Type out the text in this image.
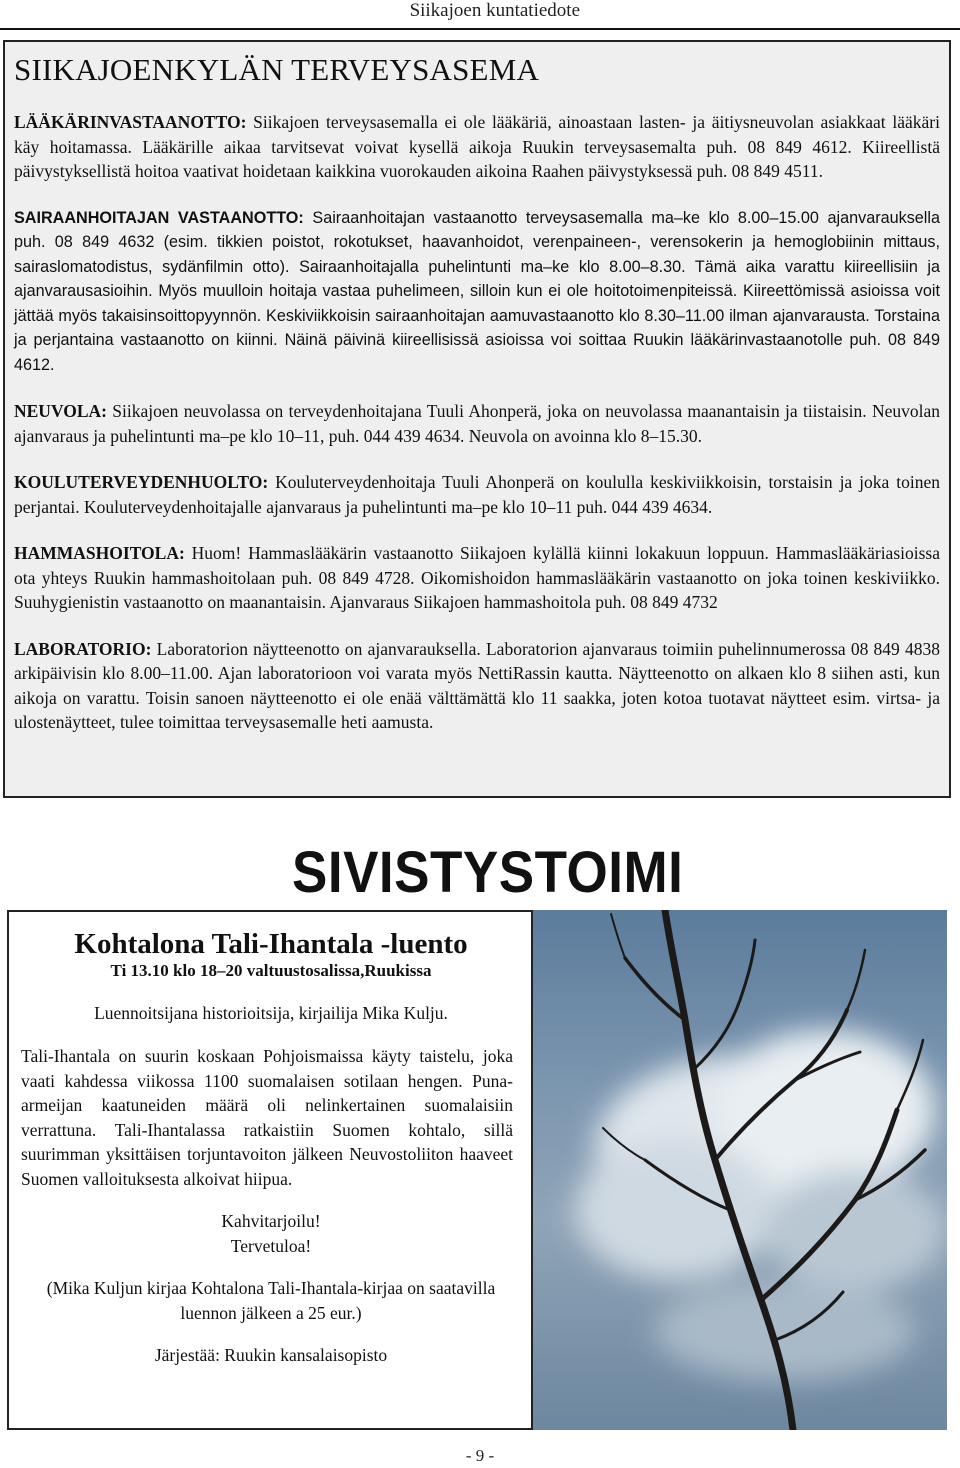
Siikajoen kuntatiedote
SIIKAJOENKYLÄN TERVEYSASEMA

LÄÄKÄRINVASTAANOTTO: Siikajoen terveysasemalla ei ole lääkäriä, ainoastaan lasten- ja äitiysneuvolan asiakkaat lääkäri käy hoitamassa. Lääkärille aikaa tarvitsevat voivat kysellä aikoja Ruukin terveysasemalta puh. 08 849 4612. Kiireellistä päivystyksellistä hoitoa vaativat hoidetaan kaikkina vuorokauden aikoina Raahen päivystyksessä puh. 08 849 4511.

SAIRAANHOITAJAN VASTAANOTTO: Sairaanhoitajan vastaanotto terveysasemalla ma–ke klo 8.00–15.00 ajanvarauksella puh. 08 849 4632 (esim. tikkien poistot, rokotukset, haavanhoidot, verenpaineen-, verensokerin ja hemoglobiinin mittaus, sairaslomatodistus, sydänfilmin otto). Sairaanhoitajalla puhelintunti ma–ke klo 8.00–8.30. Tämä aika varattu kiireellisiin ja ajanvarausasioihin. Myös muulloin hoitaja vastaa puhelimeen, silloin kun ei ole hoitotoimenpiteissä. Kiireettömissä asioissa voit jättää myös takaisinsoittopyynnön. Keskiviikkoisin sairaanhoitajan aamuvastaanotto klo 8.30–11.00 ilman ajanvarausta. Torstaina ja perjantaina vastaanotto on kiinni. Näinä päivinä kiireellisissä asioissa voi soittaa Ruukin lääkärinvastaanotolle puh. 08 849 4612.

NEUVOLA: Siikajoen neuvolassa on terveydenhoitajana Tuuli Ahonperä, joka on neuvolassa maanantaisin ja tiistaisin. Neuvolan ajanvaraus ja puhelintunti ma–pe klo 10–11, puh. 044 439 4634. Neuvola on avoinna klo 8–15.30.

KOULUTERVEYDENHUOLTO: Kouluterveydenhoitaja Tuuli Ahonperä on koululla keskiviikkoisin, torstaisin ja joka toinen perjantai. Kouluterveydenhoitajalle ajanvaraus ja puhelintunti ma–pe klo 10–11 puh. 044 439 4634.

HAMMASHOITOLA: Huom! Hammaslääkärin vastaanotto Siikajoen kylällä kiinni lokakuun loppuun. Hammaslääkäriasioissa ota yhteys Ruukin hammashoitolaan puh. 08 849 4728. Oikomishoidon hammaslääkärin vastaanotto on joka toinen keskiviikko. Suuhygienistin vastaanotto on maanantaisin. Ajanvaraus Siikajoen hammashoitola puh. 08 849 4732

LABORATORIO: Laboratorion näytteenotto on ajanvarauksella. Laboratorion ajanvaraus toimiin puhelinnumerossa 08 849 4838 arkipäivisin klo 8.00–11.00. Ajan laboratorioon voi varata myös NettiRassin kautta. Näytteenotto on alkaen klo 8 siihen asti, kun aikoja on varattu. Toisin sanoen näytteenotto ei ole enää välttämättä klo 11 saakka, joten kotoa tuotavat näytteet esim. virtsa- ja ulostenäytteet, tulee toimittaa terveysasemalle heti aamusta.

SIVISTYSTOIMI
Kohtalona Tali-Ihantala -luento
Ti 13.10 klo 18–20 valtuustosalissa,Ruukissa
Luennoitsijana historioitsija, kirjailija Mika Kulju.
Tali-Ihantala on suurin koskaan Pohjoismaissa käyty taistelu, joka vaati kahdessa viikossa 1100 suomalaisen sotilaan hengen. Puna-armeijan kaatuneiden määrä oli nelinkertainen suomalaisiin verrattuna. Tali-Ihantalassa ratkaistiin Suomen kohtalo, sillä suurimman yksittäisen torjuntavoiton jälkeen Neuvostoliiton haaveet Suomen valloituksesta alkoivat hiipua.
Kahvitarjoilu!
Tervetuloa!
(Mika Kuljun kirjaa Kohtalona Tali-Ihantala-kirjaa on saatavilla luennon jälkeen a 25 eur.)
Järjestää: Ruukin kansalaisopisto
- 9 -
